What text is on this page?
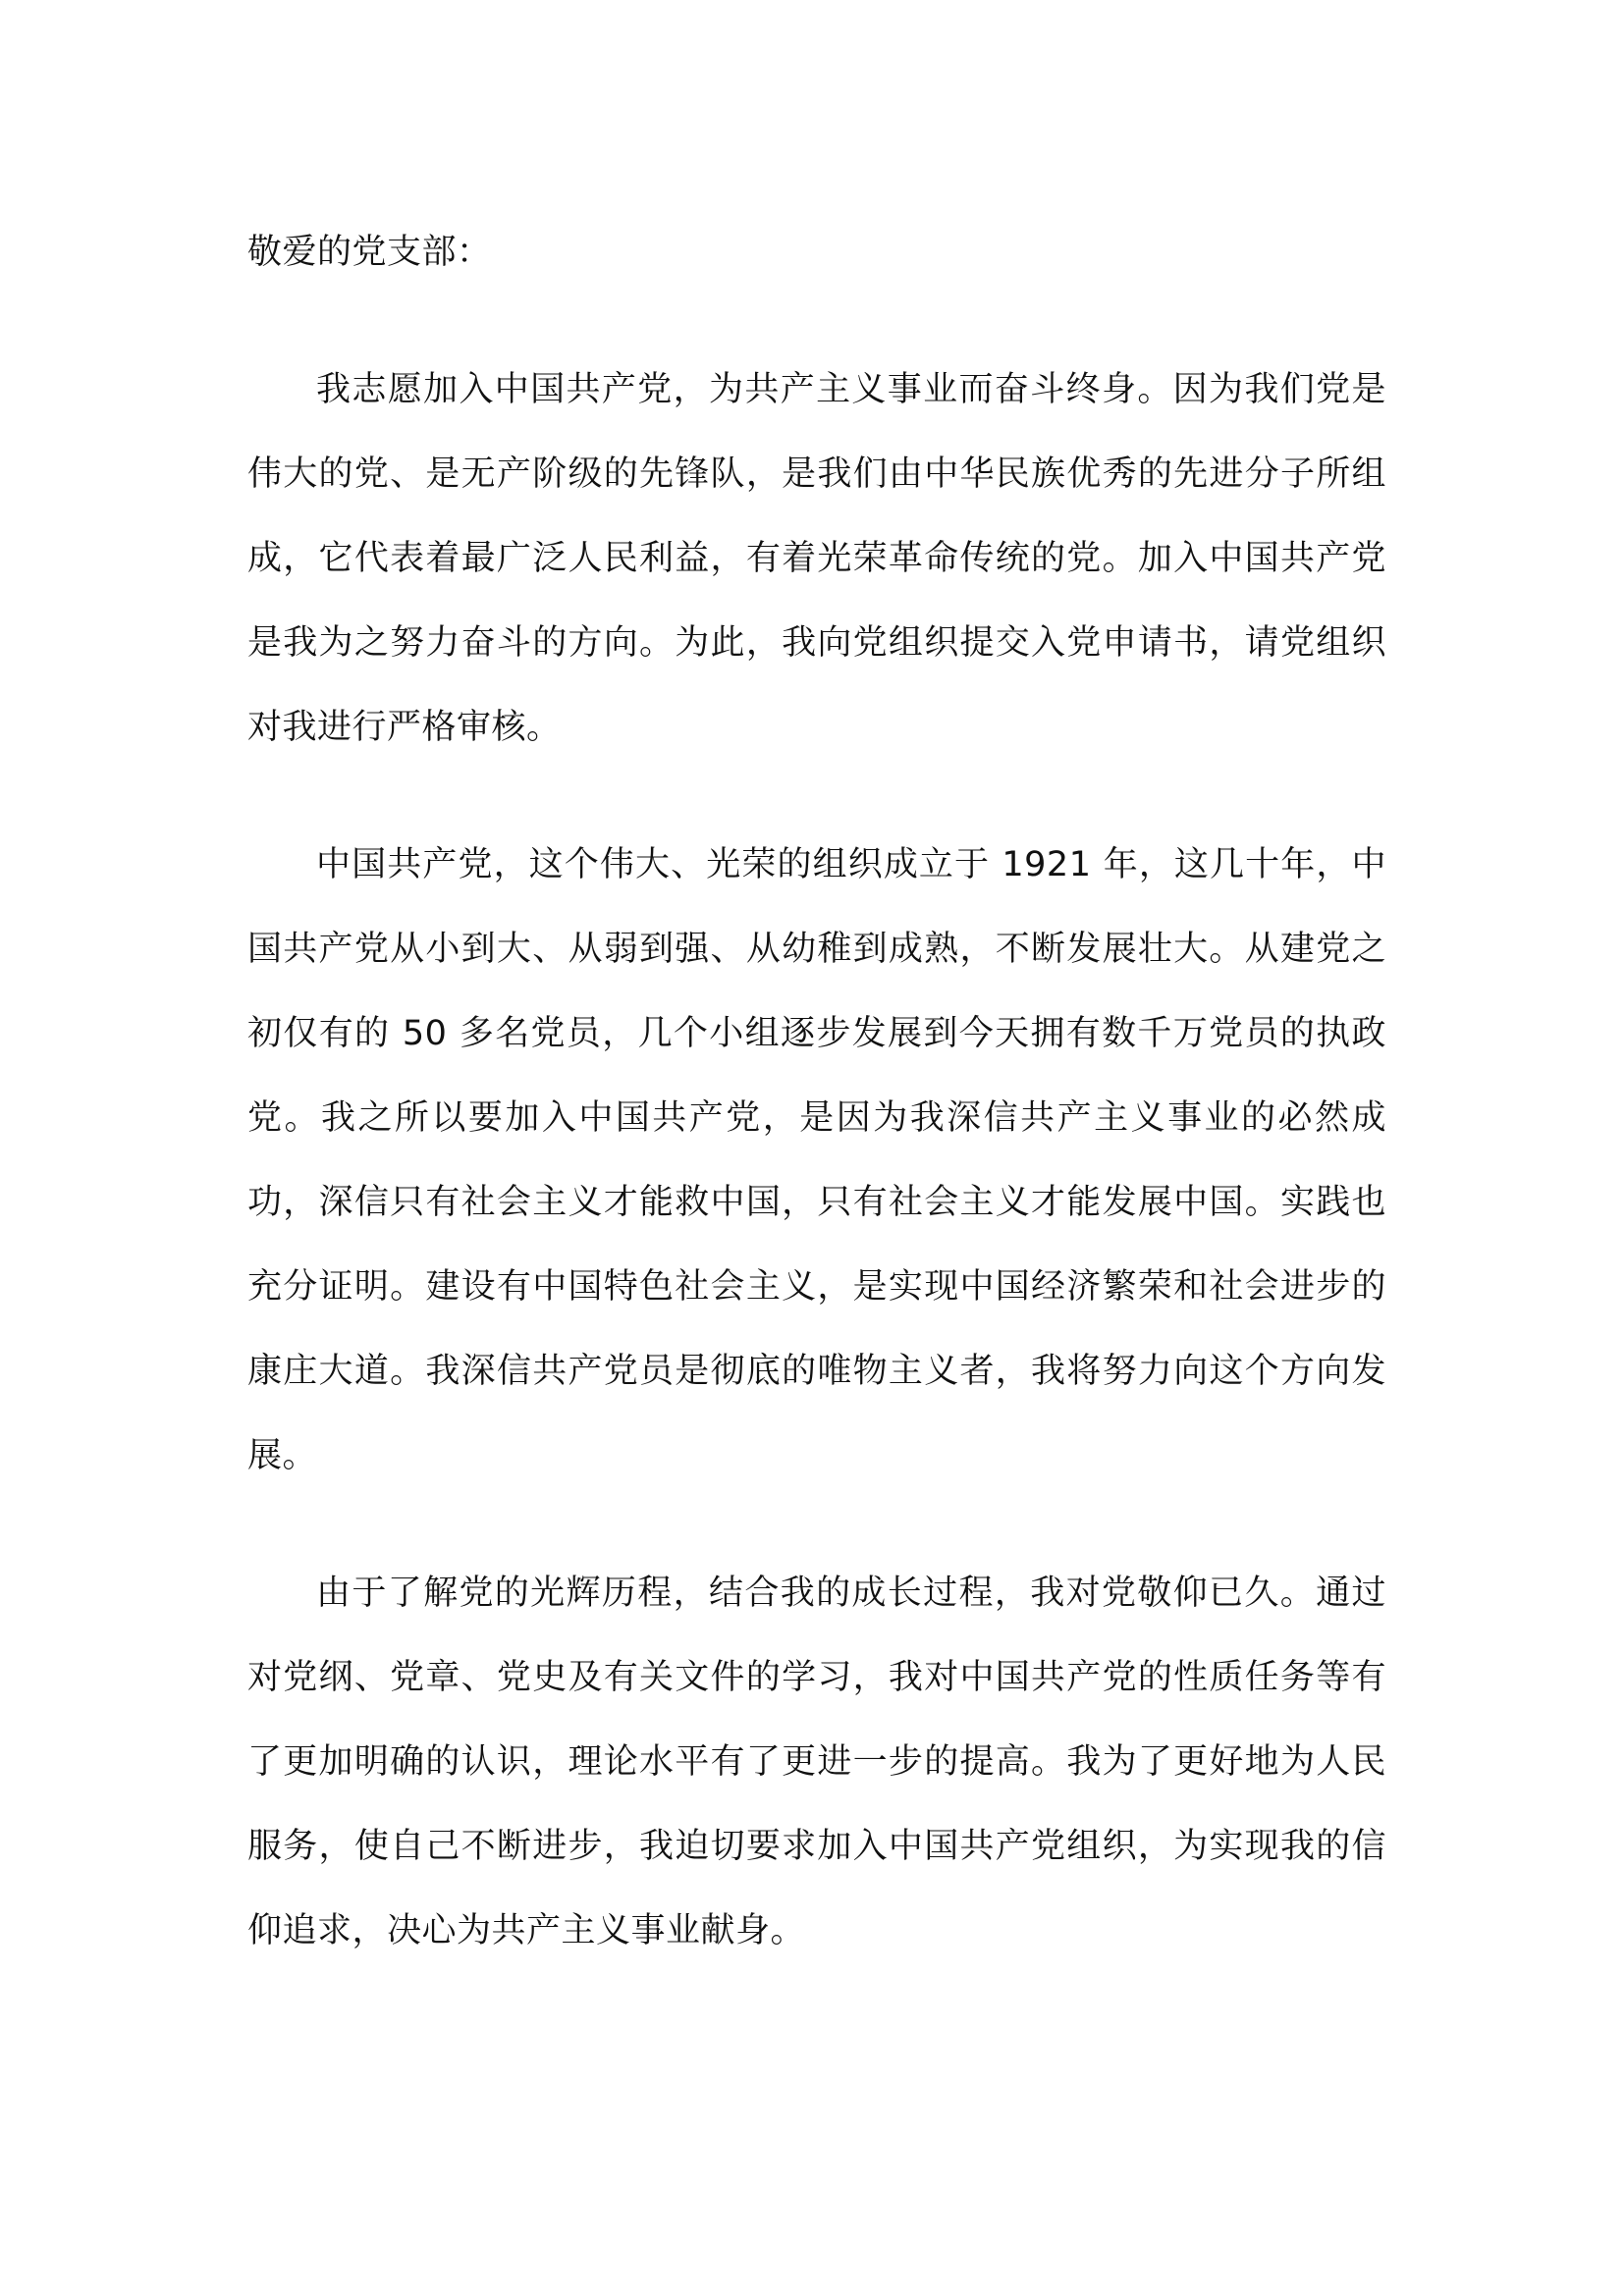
敬爱的党支部：

我志愿加入中国共产党，为共产主义事业而奋斗终身。因为我们党是伟大的党、是无产阶级的先锋队，是我们由中华民族优秀的先进分子所组成，它代表着最广泛人民利益，有着光荣革命传统的党。加入中国共产党是我为之努力奋斗的方向。为此，我向党组织提交入党申请书，请党组织对我进行严格审核。

中国共产党，这个伟大、光荣的组织成立于 1921 年，这几十年，中国共产党从小到大、从弱到强、从幼稚到成熟，不断发展壮大。从建党之初仅有的 50 多名党员，几个小组逐步发展到今天拥有数千万党员的执政党。我之所以要加入中国共产党，是因为我深信共产主义事业的必然成功，深信只有社会主义才能救中国，只有社会主义才能发展中国。实践也充分证明。建设有中国特色社会主义，是实现中国经济繁荣和社会进步的康庄大道。我深信共产党员是彻底的唯物主义者，我将努力向这个方向发展。

由于了解党的光辉历程，结合我的成长过程，我对党敬仰已久。通过对党纲、党章、党史及有关文件的学习，我对中国共产党的性质任务等有了更加明确的认识，理论水平有了更进一步的提高。我为了更好地为人民服务，使自己不断进步，我迫切要求加入中国共产党组织，为实现我的信仰追求，决心为共产主义事业献身。
